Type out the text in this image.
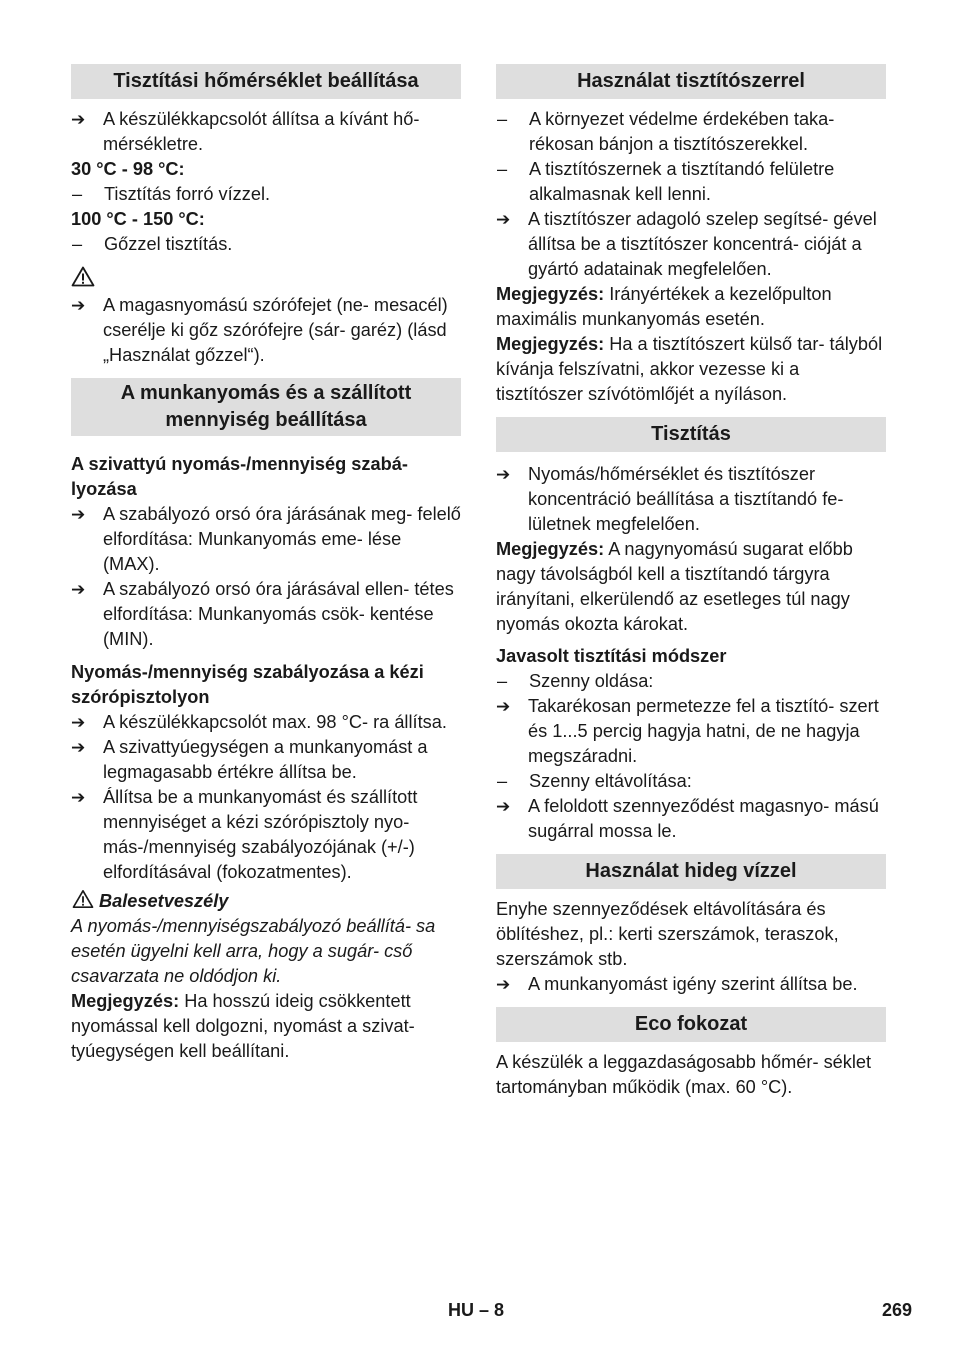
Tisztítási hőmérséklet beállítása
➔ A készülékkapcsolót állítsa a kívánt hő- mérsékletre.

30 °C - 98 °C:

–	Tisztítás forró vízzel.

100 °C - 150 °C:

–	Gőzzel tisztítás.
➔ A magasnyomású szórófejet (ne- mesacél) cserélje ki gőz szórófejre (sár- garéz) (lásd „Használat gőzzel“).
A munkanyomás és a szállított mennyiség beállítása

A szivattyú nyomás-/mennyiség szabá- lyozása

➔ A szabályozó orsó óra járásának meg- felelő elfordítása: Munkanyomás eme- lése (MAX).
➔ A szabályozó orsó óra járásával ellen- tétes elfordítása: Munkanyomás csök- kentése (MIN).

Nyomás-/mennyiség szabályozása a kézi szórópisztolyon

➔ A készülékkapcsolót max. 98 °C- ra állítsa.
➔ A szivattyúegységen a munkanyomást a legmagasabb értékre állítsa be.
➔ Állítsa be a munkanyomást és szállított mennyiséget a kézi szórópisztoly nyo- más-/mennyiség szabályozójának (+/-) elfordításával (fokozatmentes).

Balesetveszély

A nyomás-/mennyiségszabályozó beállítá- sa esetén ügyelni kell arra, hogy a sugár- cső csavarzata ne oldódjon ki.

Megjegyzés: Ha hosszú ideig csökkentett nyomással kell dolgozni, nyomást a szivat- tyúegységen kell beállítani.

Használat tisztítószerrel
–	A környezet védelme érdekében taka- rékosan bánjon a tisztítószerekkel.
–	A tisztítószernek a tisztítandó felületre alkalmasnak kell lenni.
➔ A tisztítószer adagoló szelep segítsé- gével állítsa be a tisztítószer koncentrá- cióját a gyártó adatainak megfelelően.

Megjegyzés: Irányértékek a kezelőpulton maximális munkanyomás esetén.

Megjegyzés: Ha a tisztítószert külső tar- tályból kívánja felszívatni, akkor vezesse ki a tisztítószer szívótömlőjét a nyíláson.

Tisztítás
➔ Nyomás/hőmérséklet és tisztítószer koncentráció beállítása a tisztítandó fe- lületnek megfelelően.

Megjegyzés: A nagynyomású sugarat előbb nagy távolságból kell a tisztítandó tárgyra irányítani, elkerülendő az esetleges túl nagy nyomás okozta károkat.

Javasolt tisztítási módszer

–	Szenny oldása:
➔ Takarékosan permetezze fel a tisztító- szert és 1...5 percig hagyja hatni, de ne hagyja megszáradni.
–	Szenny eltávolítása:
➔ A feloldott szennyeződést magasnyo- mású sugárral mossa le.
Használat hideg vízzel

Enyhe szennyeződések eltávolítására és öblítéshez, pl.: kerti szerszámok, teraszok, szerszámok stb.

➔ A munkanyomást igény szerint állítsa be.
Eco fokozat

A készülék a leggazdaságosabb hőmér- séklet tartományban működik (max. 60 °C).

HU – 8	269
